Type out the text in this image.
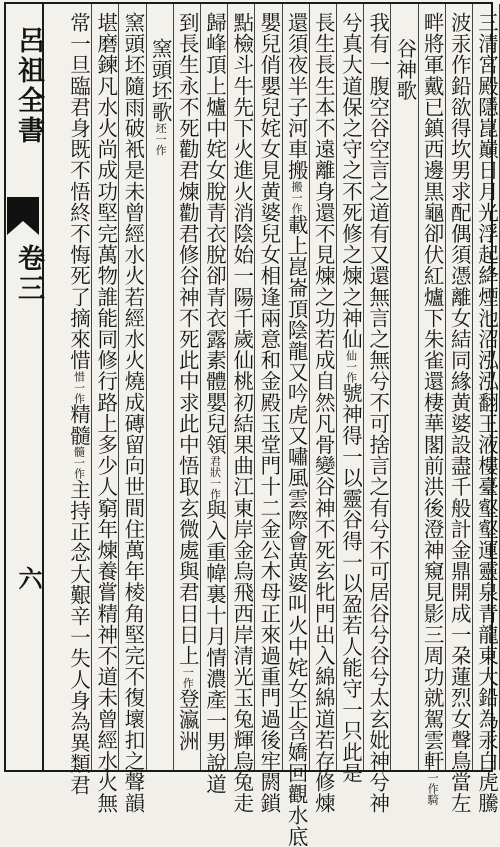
呂祖全書
卷三
六	三清宮殿隱崑巔日月光浮起絳煙池沼泓泓翻王液樓臺壑壑運靈泉青龍東大鉛為汞白虎騰
波汞作鉛欲得坎男求配偶須憑離女結同緣黄婆設盡千般計金鼎開成一朶蓮烈女聲鳥當左
畔將軍戴已鎮西邊黒龜卻伏紅爐下朱雀還棲華閣前洪後澄神窺見影三周功就駕雲軒一作騎
谷神歌
我有一腹空谷空言之道有又還無言之無兮不可捨言之有兮不可居谷兮谷兮太玄妣神兮神
兮真大道保之守之不死修之煉之神仙仙一作號神得一以靈谷得一以盈若人能守一只此是
長生長生本不遠離身還不見煉之功若成自然凡骨變谷神不死玄牝門出入綿綿道若存修煉
還須夜半子河車搬搬一作載上崑崙頂陰龍又吟虎又嘯風雲際會黄婆叫火中姹女正含嬌回觀水底
嬰兒俏嬰兒姹女見黄婆兒女相逢兩意和金殿玉堂門十二金公木母正來過重門過後牢閼鎖
點檢斗牛先下火進火消陰始一陽千歲仙桃初結果曲江東岸金烏飛西岸清光玉兔輝烏兔走
歸峰頂上爐中姹女脫青衣脫卻青衣露素體嬰兒領君狀一作與入重幃裏十月情濃產一男說道
到長生永不死勸君煉勸君修谷神不死此中求此中悟取玄微處與君日日上一作登瀛洲
窯頭坯歌坯一作
窯頭坯隨雨破衹是未曾經水火若經水火燒成磚留向世間住萬年棱角堅完不復壞扣之聲韻
堪磨鍊凡水火尚成功堅完萬物誰能同修行路上多少人窮年煉養嘗精神不道未曾經水火無
常一旦臨君身既不悟終不悔死了摘來惜惜一作精髓髓一作主持正念大艱辛一失人身為異類君
